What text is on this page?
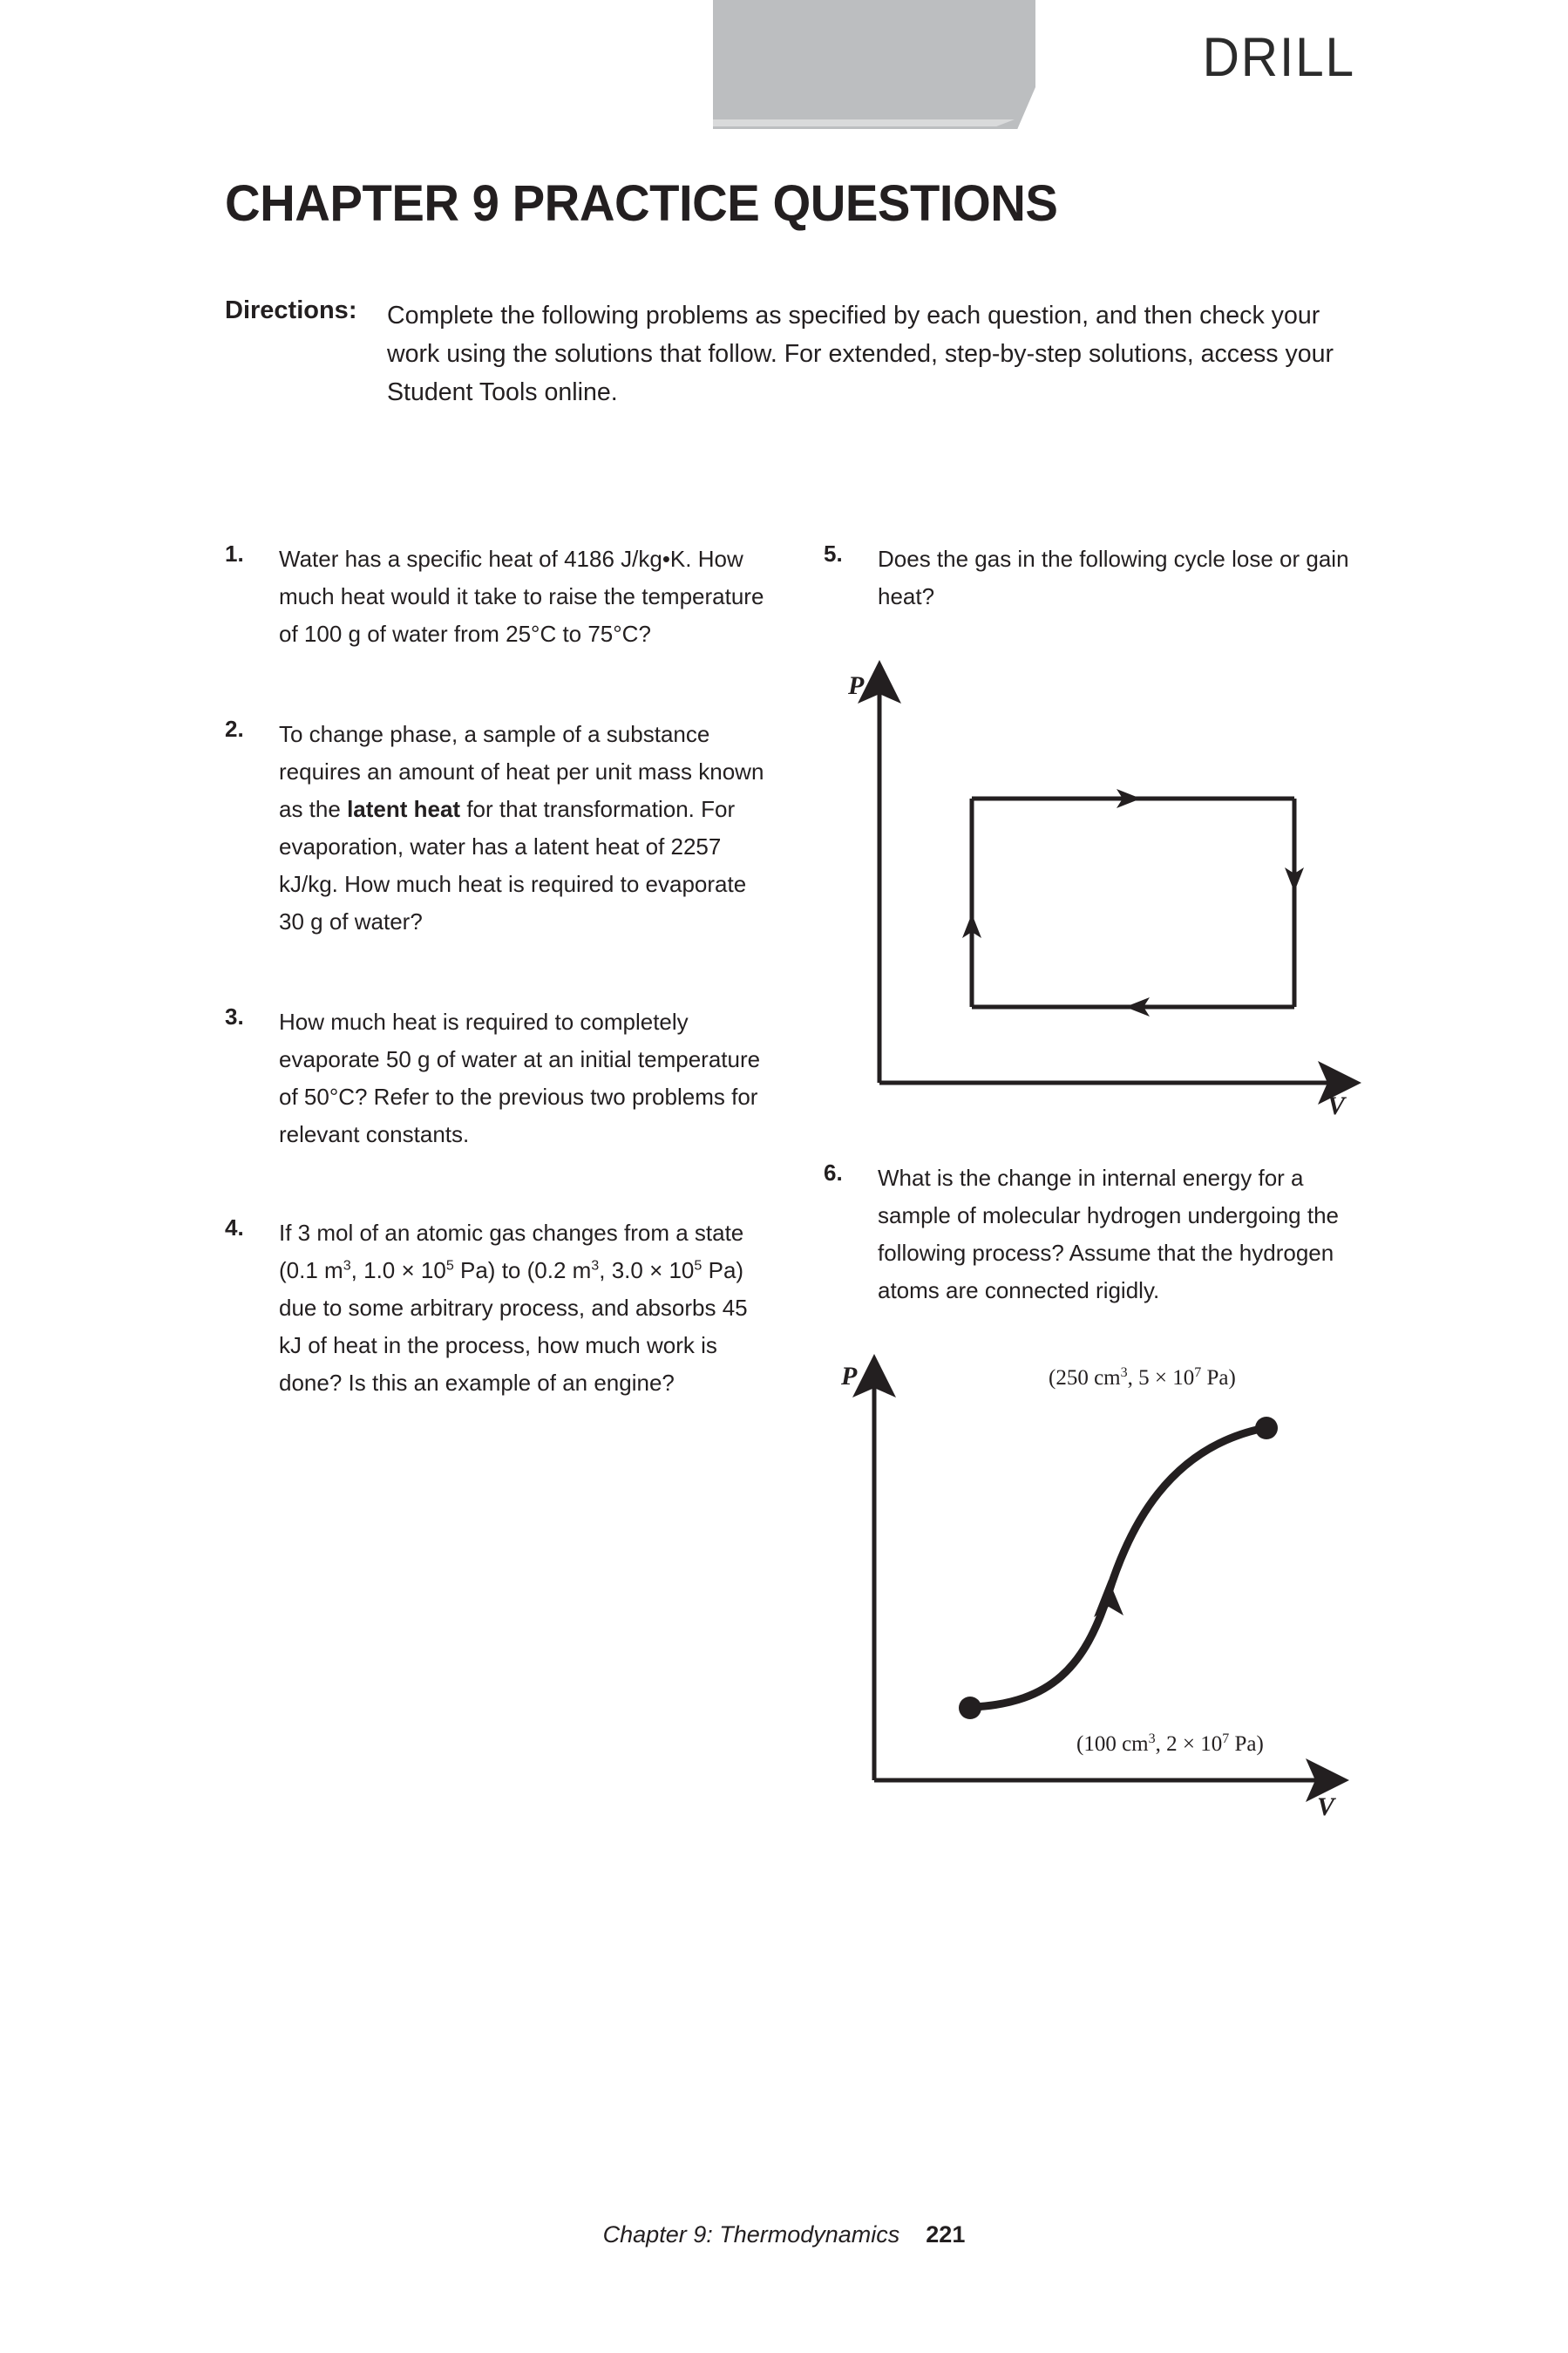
DRILL
CHAPTER 9 PRACTICE QUESTIONS
Directions: Complete the following problems as specified by each question, and then check your work using the solutions that follow. For extended, step-by-step solutions, access your Student Tools online.
1. Water has a specific heat of 4186 J/kg•K. How much heat would it take to raise the temperature of 100 g of water from 25°C to 75°C?
2. To change phase, a sample of a substance requires an amount of heat per unit mass known as the latent heat for that transformation. For evaporation, water has a latent heat of 2257 kJ/kg. How much heat is required to evaporate 30 g of water?
3. How much heat is required to completely evaporate 50 g of water at an initial temperature of 50°C? Refer to the previous two problems for relevant constants.
4. If 3 mol of an atomic gas changes from a state (0.1 $m^3$, $1.0 \times 10^5$ Pa) to (0.2 $m^3$, $3.0 \times 10^5$ Pa) due to some arbitrary process, and absorbs 45 kJ of heat in the process, how much work is done? Is this an example of an engine?
5. Does the gas in the following cycle lose or gain heat?
P
V
6. What is the change in internal energy for a sample of molecular hydrogen undergoing the following process? Assume that the hydrogen atoms are connected rigidly.
P
V
(100 $cm^3$, $2 \times 10^7$ Pa)
(250 $cm^3$, $5 \times 10^7$ Pa)
Chapter 9: Thermodynamics 221
